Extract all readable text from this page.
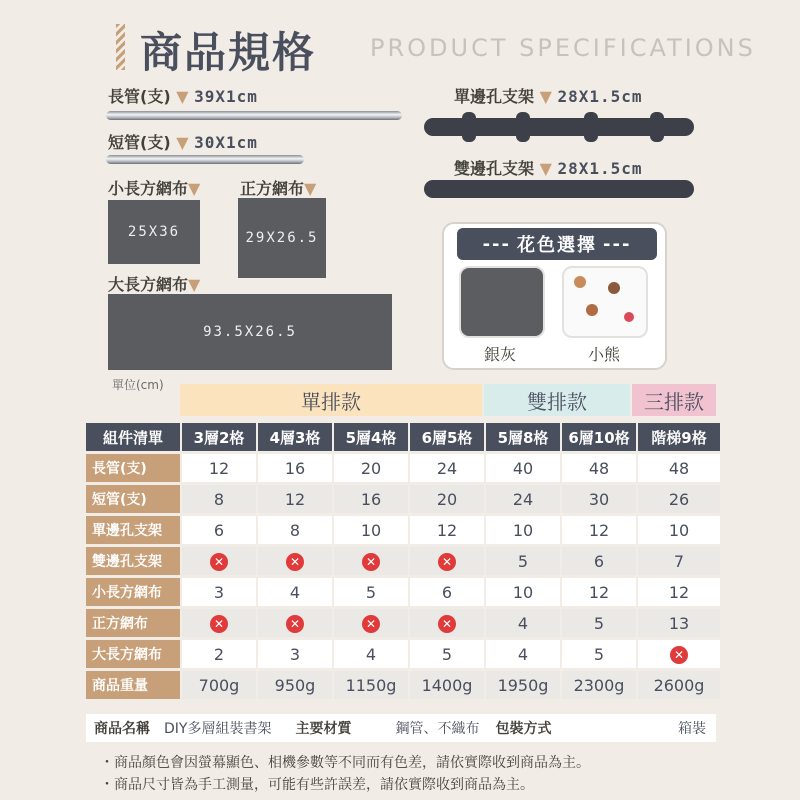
商品規格 PRODUCT SPECIFICATIONS
長管(支) ▼ 39X1cm
短管(支) ▼ 30X1cm
單邊孔支架 ▼ 28X1.5cm
雙邊孔支架 ▼ 28X1.5cm
小長方網布▼
25X36
正方網布▼
29X26.5
大長方網布▼
93.5X26.5
--- 花色選擇 ---
銀灰	小熊
單位(cm)
單排款	雙排款	三排款
組件清單	3層2格	4層3格	5層4格	6層5格	5層8格	6層10格	階梯9格
長管(支)	12	16	20	24	40	48	48
短管(支)	8	12	16	20	24	30	26
單邊孔支架	6	8	10	12	10	12	10
雙邊孔支架	✕	✕	✕	✕	5	6	7
小長方網布	3	4	5	6	10	12	12
正方網布	✕	✕	✕	✕	4	5	13
大長方網布	2	3	4	5	4	5	✕
商品重量	700g	950g	1150g	1400g	1950g	2300g	2600g
商品名稱	DIY多層組裝書架	主要材質	鋼管、不織布	包裝方式	箱裝
・商品顏色會因螢幕顯色、相機參數等不同而有色差，請依實際收到商品為主。
・商品尺寸皆為手工測量，可能有些許誤差，請依實際收到商品為主。
